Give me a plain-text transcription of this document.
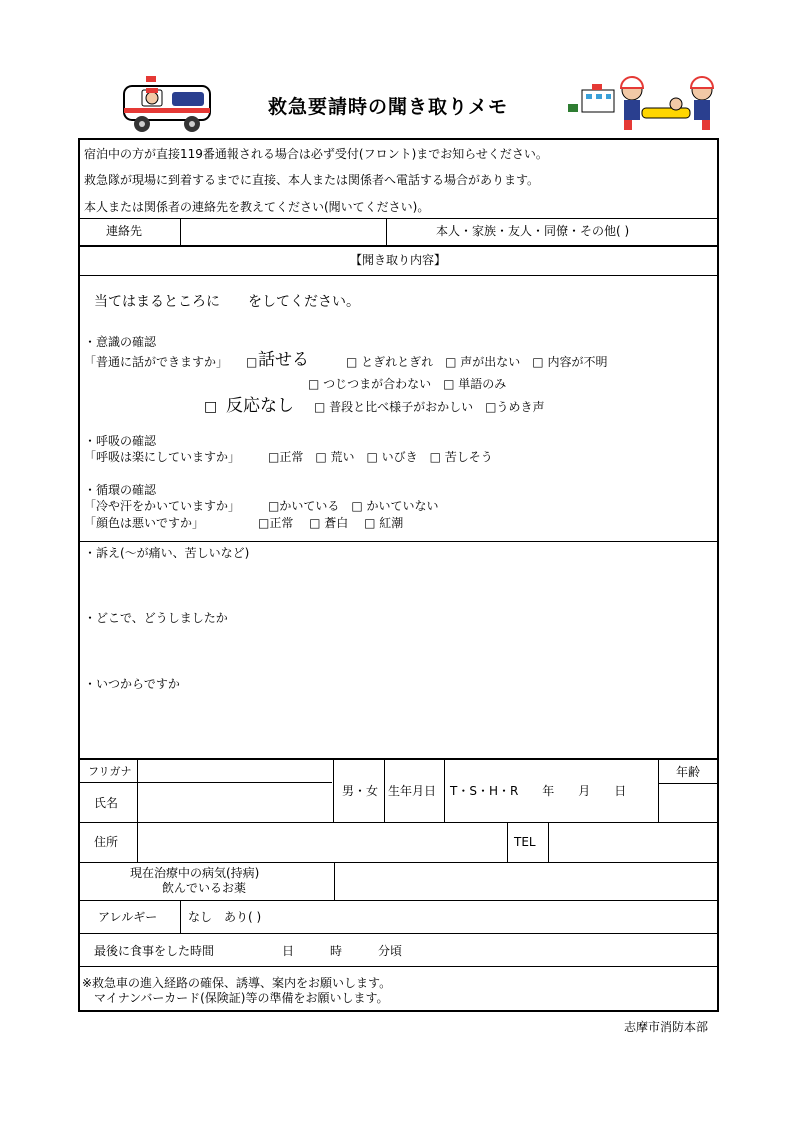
救急要請時の聞き取りメモ
宿泊中の方が直接119番通報される場合は必ず受付(フロント)までお知らせください。
救急隊が現場に到着するまでに直接、本人または関係者へ電話する場合があります。
本人または関係者の連絡先を教えてください(聞いてください)。
連絡先	本人・家族・友人・同僚・その他( )
【聞き取り内容】
当てはまるところに　　をしてください。
・意識の確認
「普通に話ができますか」 □ 話せる	□ とぎれとぎれ　□ 声が出ない　□ 内容が不明
□ つじつまが合わない　□ 単語のみ
□ 反応なし □ 普段と比べ様子がおかしい　□うめき声
・呼吸の確認
「呼吸は楽にしていますか」 □正常　□ 荒い　□ いびき　□ 苦しそう
・循環の確認
「冷や汗をかいていますか」 □かいている　□ かいていない
「顔色は悪いですか」	□正常　 □ 蒼白　 □ 紅潮
・訴え(～が痛い、苦しいなど)
・どこで、どうしましたか
・いつからですか
フリガナ
氏名
男・女 生年月日 T・S・H・R　　年　　月　　日
年齢
住所	TEL
現在治療中の病気(持病)
飲んでいるお薬
アレルギー	なし　あり( )
最後に食事をした時間	日　　　時　　　分頃
※救急車の進入経路の確保、誘導、案内をお願いします。
　マイナンバーカード(保険証)等の準備をお願いします。
志摩市消防本部
